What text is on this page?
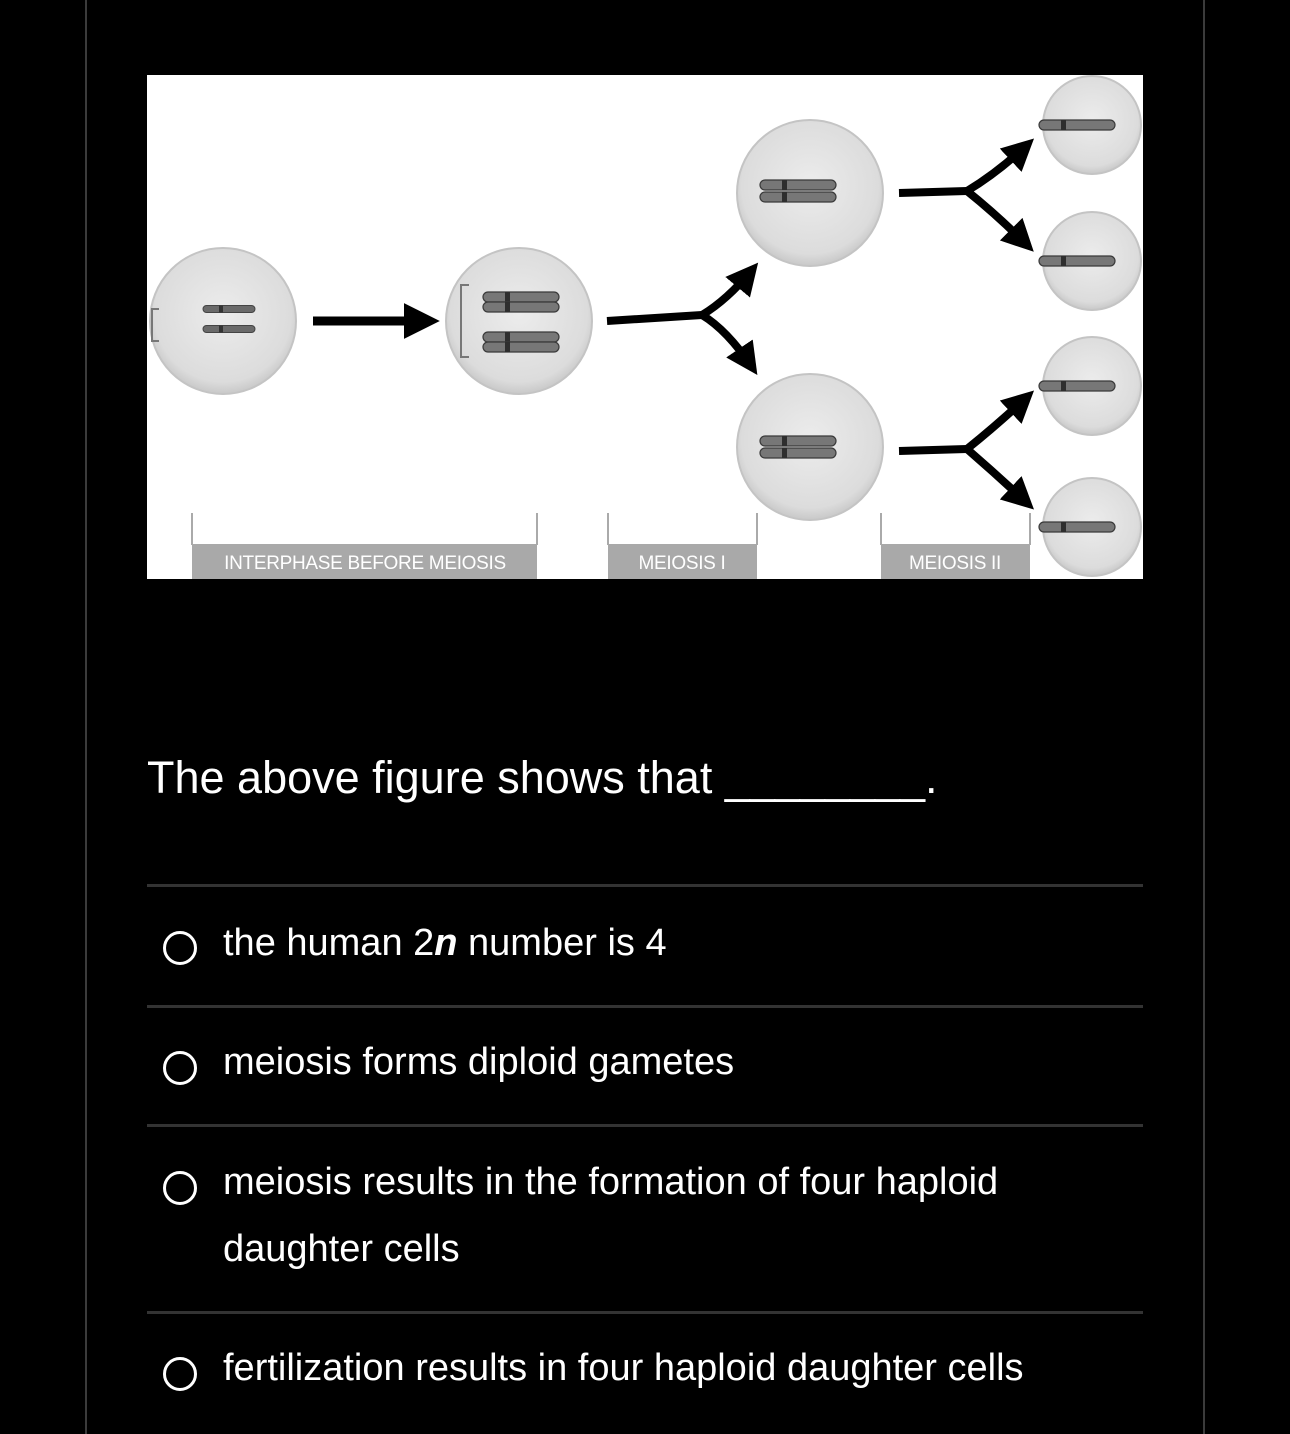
INTERPHASE BEFORE MEIOSIS	MEIOSIS I	MEIOSIS II
The above figure shows that ________.
the human 2n number is 4
meiosis forms diploid gametes
meiosis results in the formation of four haploid daughter cells
fertilization results in four haploid daughter cells
